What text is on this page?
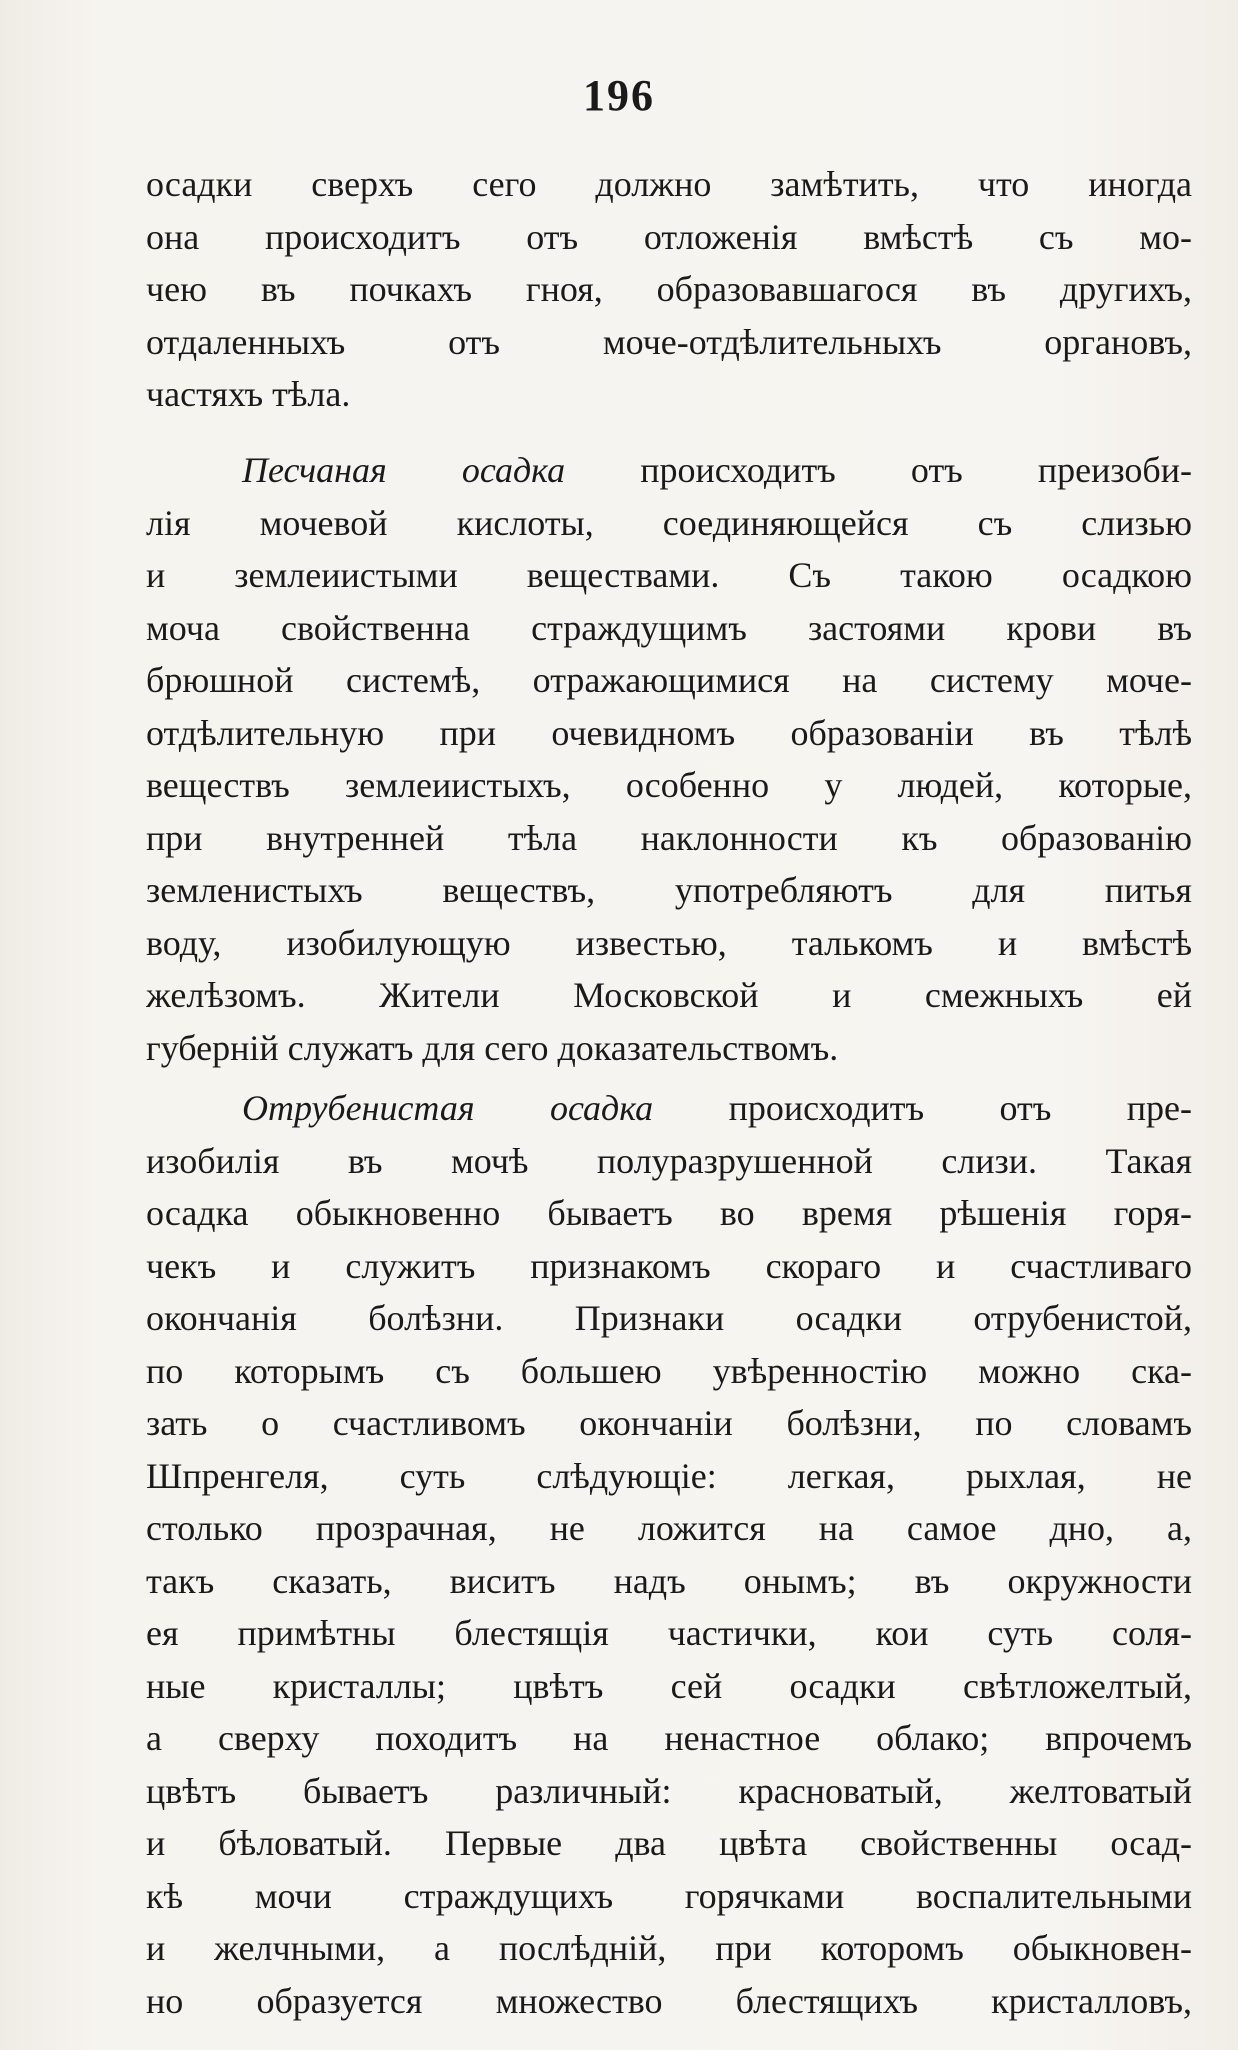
196
осадки сверхъ сего должно замѣтить, что иногда
она происходитъ отъ отложенія вмѣстѣ съ мо-
чею въ почкахъ гноя, образовавшагося въ другихъ,
отдаленныхъ отъ моче-отдѣлительныхъ органовъ,
частяхъ тѣла.
Песчаная осадка происходитъ отъ преизоби-
лія мочевой кислоты, соединяющейся съ слизью
и землеиистыми веществами. Съ такою осадкою
моча свойственна страждущимъ застоями крови въ
брюшной системѣ, отражающимися на систему моче-
отдѣлительную при очевидномъ образованіи въ тѣлѣ
веществъ землеиистыхъ, особенно у людей, которые,
при внутренней тѣла наклонности къ образованію
земленистыхъ веществъ, употребляютъ для питья
воду, изобилующую известью, талькомъ и вмѣстѣ
желѣзомъ. Жители Московской и смежныхъ ей
губерній служатъ для сего доказательствомъ.
Отрубенистая осадка происходитъ отъ пре-
изобилія въ мочѣ полуразрушенной слизи. Такая
осадка обыкновенно бываетъ во время рѣшенія горя-
чекъ и служитъ признакомъ скораго и счастливаго
окончанія болѣзни. Признаки осадки отрубенистой,
по которымъ съ большею увѣренностію можно ска-
зать о счастливомъ окончаніи болѣзни, по словамъ
Шпренгеля, суть слѣдующіе: легкая, рыхлая, не
столько прозрачная, не ложится на самое дно, а,
такъ сказать, виситъ надъ онымъ; въ окружности
ея примѣтны блестящія частички, кои суть соля-
ные кристаллы; цвѣтъ сей осадки свѣтложелтый,
а сверху походитъ на ненастное облако; впрочемъ
цвѣтъ бываетъ различный: красноватый, желтоватый
и бѣловатый. Первые два цвѣта свойственны осад-
кѣ мочи страждущихъ горячками воспалительными
и желчными, а послѣдній, при которомъ обыкновен-
но образуется множество блестящихъ кристалловъ,
